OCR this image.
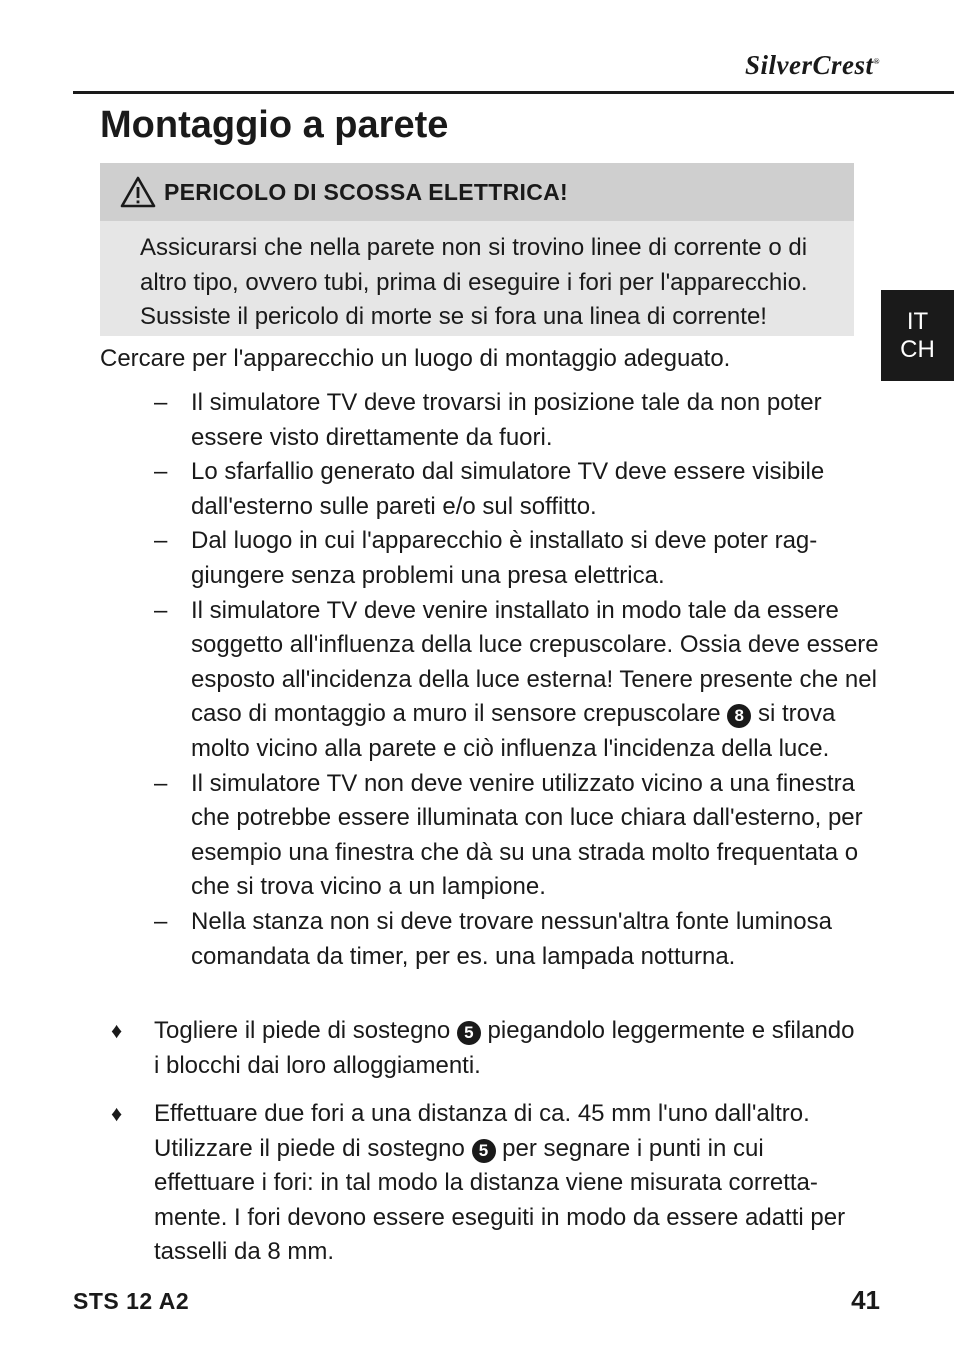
SilverCrest®
Montaggio a parete
PERICOLO DI SCOSSA ELETTRICA!

Assicurarsi che nella parete non si trovino linee di corrente o di altro tipo, ovvero tubi, prima di eseguire i fori per l'apparecchio. Sussiste il pericolo di morte se si fora una linea di corrente!	IT
CH

Cercare per l'apparecchio un luogo di montaggio adeguato.

– Il simulatore TV deve trovarsi in posizione tale da non poter essere visto direttamente da fuori.
– Lo sfarfallio generato dal simulatore TV deve essere visibile dall'esterno sulle pareti e/o sul soffitto.
– Dal luogo in cui l'apparecchio è installato si deve poter raggiungere senza problemi una presa elettrica.
– Il simulatore TV deve venire installato in modo tale da essere soggetto all'influenza della luce crepuscolare. Ossia deve essere esposto all'incidenza della luce esterna! Tenere presente che nel caso di montaggio a muro il sensore crepuscolare 8 si trova molto vicino alla parete e ciò influenza l'incidenza della luce.
– Il simulatore TV non deve venire utilizzato vicino a una finestra che potrebbe essere illuminata con luce chiara dall'esterno, per esempio una finestra che dà su una strada molto frequentata o che si trova vicino a un lampione.
– Nella stanza non si deve trovare nessun'altra fonte luminosa comandata da timer, per es. una lampada notturna.
♦ Togliere il piede di sostegno 5 piegandolo leggermente e sfilando i blocchi dai loro alloggiamenti.
♦ Effettuare due fori a una distanza di ca. 45 mm l'uno dall'altro. Utilizzare il piede di sostegno 5 per segnare i punti in cui effettuare i fori: in tal modo la distanza viene misurata correttamente. I fori devono essere eseguiti in modo da essere adatti per tasselli da 8 mm.
STS 12 A2	41
